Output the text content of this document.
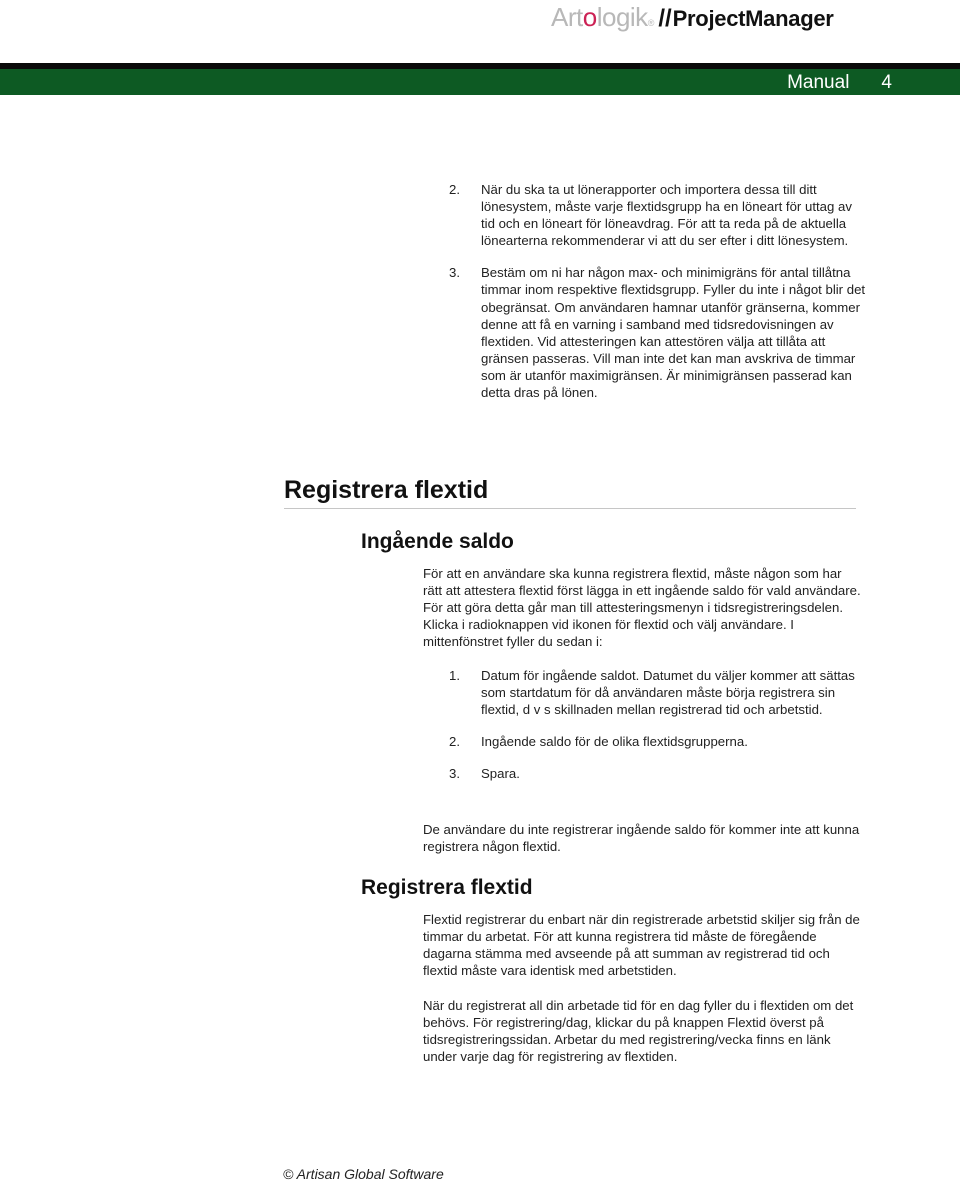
Artologik ® // ProjectManager
Manual 4
2. När du ska ta ut lönerapporter och importera dessa till ditt lönesystem, måste varje flextidsgrupp ha en löneart för uttag av tid och en löneart för löneavdrag. För att ta reda på de aktuella lönearterna rekommenderar vi att du ser efter i ditt lönesystem.
3. Bestäm om ni har någon max- och minimigräns för antal tillåtna timmar inom respektive flextidsgrupp. Fyller du inte i något blir det obegränsat. Om användaren hamnar utanför gränserna, kommer denne att få en varning i samband med tidsredovisningen av flextiden. Vid attesteringen kan attestören välja att tillåta att gränsen passeras. Vill man inte det kan man avskriva de timmar som är utanför maximigränsen. Är minimigränsen passerad kan detta dras på lönen.
Registrera flextid
Ingående saldo

För att en användare ska kunna registrera flextid, måste någon som har rätt att attestera flextid först lägga in ett ingående saldo för vald användare. För att göra detta går man till attesteringsmenyn i tidsregistreringsdelen. Klicka i radioknappen vid ikonen för flextid och välj användare. I mittenfönstret fyller du sedan i:

1. Datum för ingående saldot. Datumet du väljer kommer att sättas som startdatum för då användaren måste börja registrera sin flextid, d v s skillnaden mellan registrerad tid och arbetstid.
2. Ingående saldo för de olika flextidsgrupperna.
3. Spara.

De användare du inte registrerar ingående saldo för kommer inte att kunna registrera någon flextid.

Registrera flextid

Flextid registrerar du enbart när din registrerade arbetstid skiljer sig från de timmar du arbetat. För att kunna registrera tid måste de föregående dagarna stämma med avseende på att summan av registrerad tid och flextid måste vara identisk med arbetstiden.

När du registrerat all din arbetade tid för en dag fyller du i flextiden om det behövs. För registrering/dag, klickar du på knappen Flextid överst på tidsregistreringssidan. Arbetar du med registrering/vecka finns en länk under varje dag för registrering av flextiden.

© Artisan Global Software
